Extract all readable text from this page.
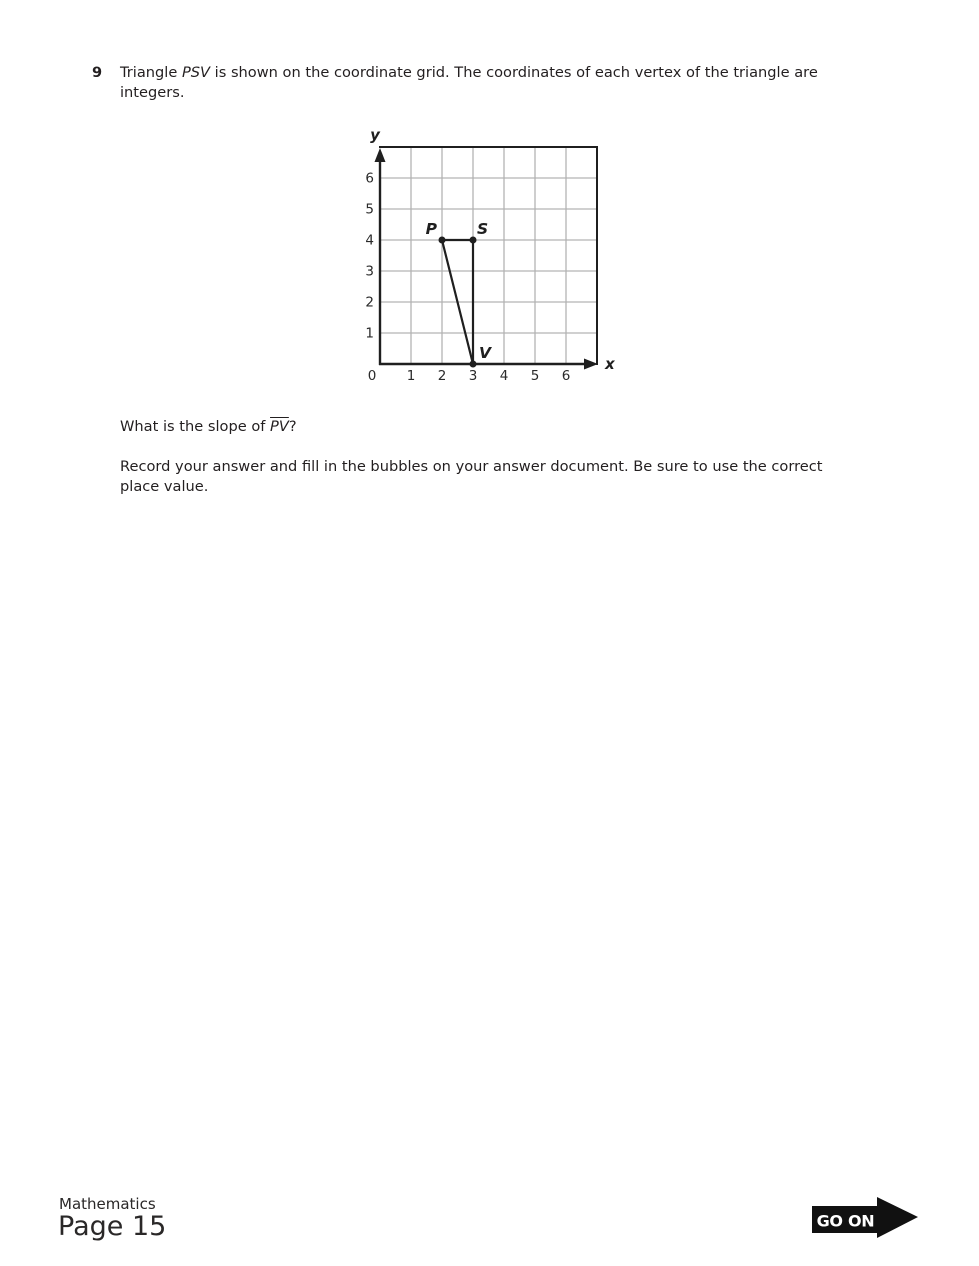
9 Triangle PSV is shown on the coordinate grid. The coordinates of each vertex of the triangle are integers.
y
x
0 1 2 3 4 5 6
1
2
3
4
5
6
P	S
V
What is the slope of $\overline{PV}$?
Record your answer and fill in the bubbles on your answer document. Be sure to use the correct place value.
Mathematics
Page 15	GO ON
